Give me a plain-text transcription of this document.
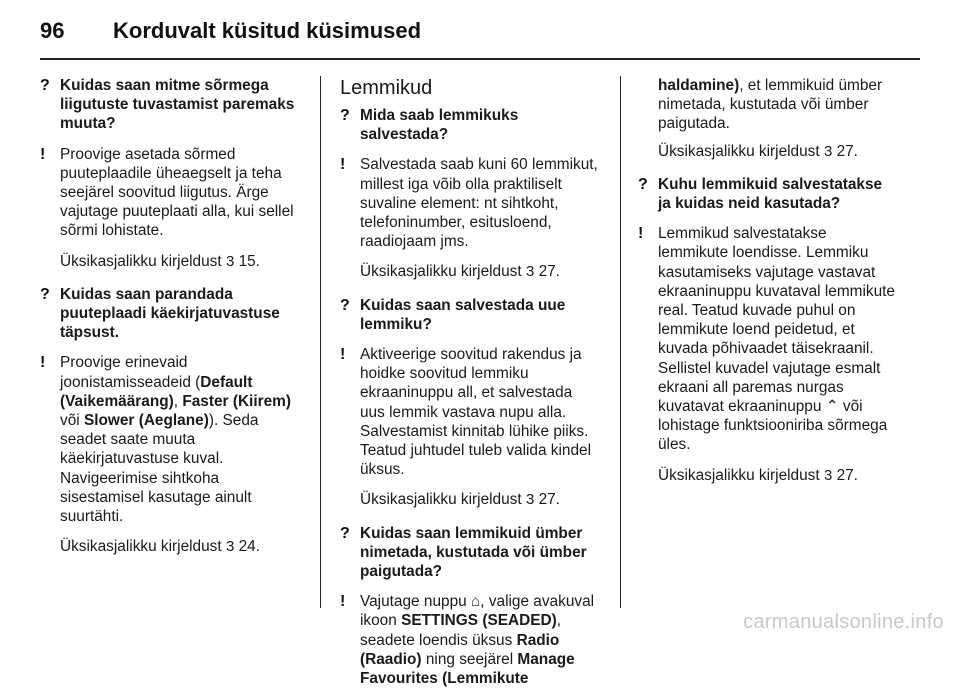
96 Korduvalt küsitud küsimused
? Kuidas saan mitme sõrmega liigutuste tuvastamist paremaks muuta?
! Proovige asetada sõrmed puuteplaadile üheaegselt ja teha seejärel soovitud liigutus. Ärge vajutage puuteplaati alla, kui sellel sõrmi lohistate.
Üksikasjalikku kirjeldust 3 15.
? Kuidas saan parandada puuteplaadi käekirjatuvastuse täpsust.
! Proovige erinevaid joonistamisseadeid (Default (Vaikemäärang), Faster (Kiirem) või Slower (Aeglane)). Seda seadet saate muuta käekirjatuvastuse kuval. Navigeerimise sihtkoha sisestamisel kasutage ainult suurtähti.
Üksikasjalikku kirjeldust 3 24.
Lemmikud
? Mida saab lemmikuks salvestada?
! Salvestada saab kuni 60 lemmikut, millest iga võib olla praktiliselt suvaline element: nt sihtkoht, telefoninumber, esitusloend, raadiojaam jms.
Üksikasjalikku kirjeldust 3 27.
? Kuidas saan salvestada uue lemmiku?
! Aktiveerige soovitud rakendus ja hoidke soovitud lemmiku ekraaninuppu all, et salvestada uus lemmik vastava nupu alla. Salvestamist kinnitab lühike piiks. Teatud juhtudel tuleb valida kindel üksus.
Üksikasjalikku kirjeldust 3 27.
? Kuidas saan lemmikuid ümber nimetada, kustutada või ümber paigutada?
! Vajutage nuppu ⌂, valige avakuval ikoon SETTINGS (SEADED), seadete loendis üksus Radio (Raadio) ning seejärel Manage Favourites (Lemmikute
haldamine), et lemmikuid ümber nimetada, kustutada või ümber paigutada.
Üksikasjalikku kirjeldust 3 27.
? Kuhu lemmikuid salvestatakse ja kuidas neid kasutada?
! Lemmikud salvestatakse lemmikute loendisse. Lemmiku kasutamiseks vajutage vastavat ekraaninuppu kuvataval lemmikute real. Teatud kuvade puhul on lemmikute loend peidetud, et kuvada põhivaadet täisekraanil. Sellistel kuvadel vajutage esmalt ekraani all paremas nurgas kuvatavat ekraaninuppu ⌃ või lohistage funktsiooniriba sõrmega üles.
Üksikasjalikku kirjeldust 3 27.
carmanualsonline.info
